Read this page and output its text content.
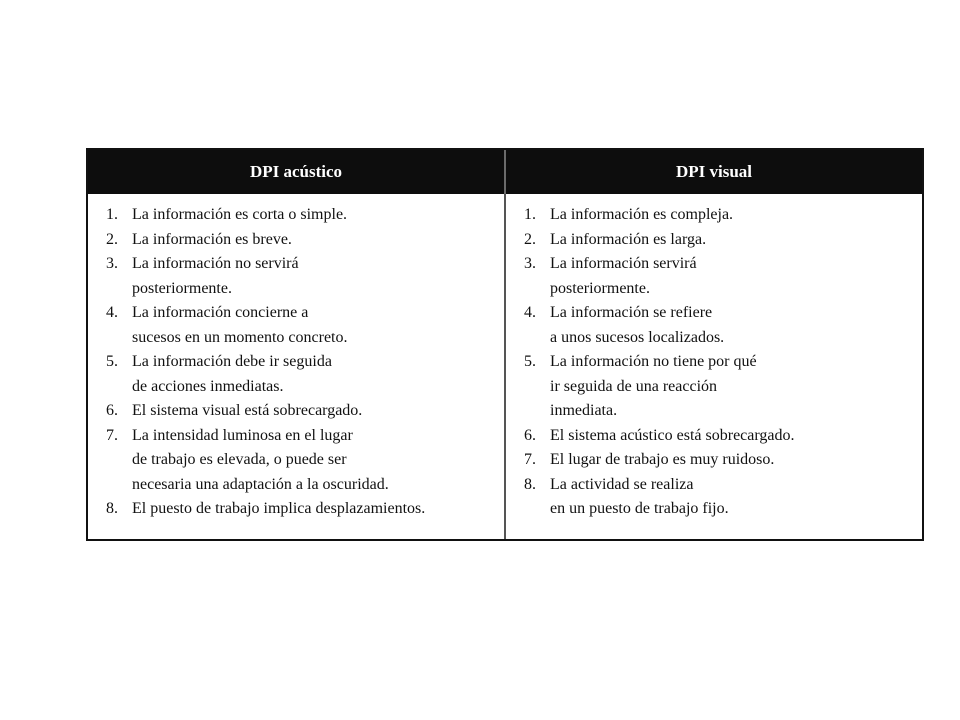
DPI acústico	DPI visual
1. La información es corta o simple.
2. La información es breve.
3. La información no servirá
posteriormente.
4. La información concierne a
sucesos en un momento concreto.
5. La información debe ir seguida
de acciones inmediatas.
6. El sistema visual está sobrecargado.
7. La intensidad luminosa en el lugar
de trabajo es elevada, o puede ser
necesaria una adaptación a la oscuridad.
8. El puesto de trabajo implica desplazamientos.
1. La información es compleja.
2. La información es larga.
3. La información servirá
posteriormente.
4. La información se refiere
a unos sucesos localizados.
5. La información no tiene por qué
ir seguida de una reacción
inmediata.
6. El sistema acústico está sobrecargado.
7. El lugar de trabajo es muy ruidoso.
8. La actividad se realiza
en un puesto de trabajo fijo.
